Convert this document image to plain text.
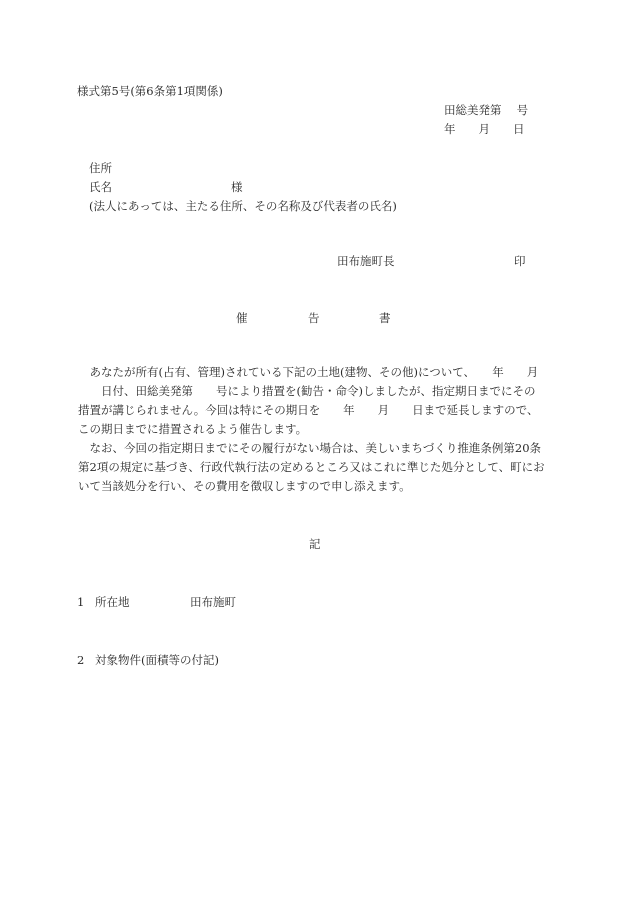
様式第5号(第6条第1項関係)
田総美発第　 号
年　　月　　日
住所
氏名	様
(法人にあっては、主たる住所、その名称及び代表者の氏名)
田布施町長	印
催	告	書
　あなたが所有(占有、管理)されている下記の土地(建物、その他)について、　　年　　月
　　日付、田総美発第　　号により措置を(勧告・命令)しましたが、指定期日までにその
措置が講じられません。今回は特にその期日を　　年　　月　　日まで延長しますので、
この期日までに措置されるよう催告します。
　なお、今回の指定期日までにその履行がない場合は、美しいまちづくり推進条例第20条
第2項の規定に基づき、行政代執行法の定めるところ又はこれに準じた処分として、町にお
いて当該処分を行い、その費用を徴収しますので申し添えます。
記
1 所在地	田布施町
2 対象物件(面積等の付記)
